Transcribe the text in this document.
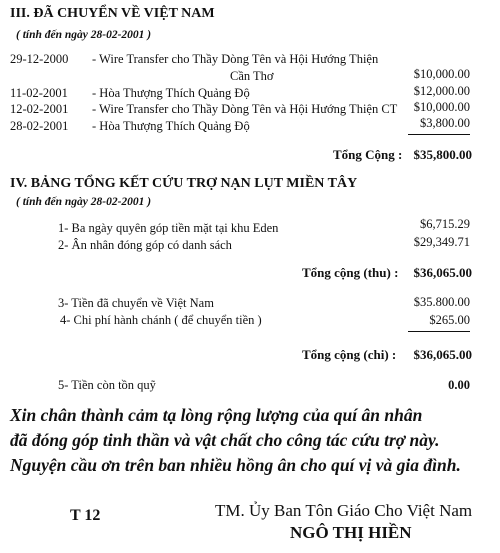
III. ĐÃ CHUYỂN VỀ VIỆT NAM
( tính đến ngày 28-02-2001 )
29-12-2000 - Wire Transfer cho Thầy Dòng Tên và Hội Hướng Thiện
Cần Thơ	$10,000.00
11-02-2001 - Hòa Thượng Thích Quảng Độ	$12,000.00
12-02-2001 - Wire Transfer cho Thầy Dòng Tên và Hội Hướng Thiện CT	$10,000.00
28-02-2001 - Hòa Thượng Thích Quảng Độ	$3,800.00
Tổng Cộng : $35,800.00
IV. BẢNG TỔNG KẾT CỨU TRỢ NẠN LỤT MIỀN TÂY
( tính đến ngày 28-02-2001 )
1- Ba ngày quyên góp tiền mặt tại khu Eden	$6,715.29
2- Ân nhân đóng góp có danh sách	$29,349.71
Tổng cộng (thu) :	$36,065.00
3- Tiền đã chuyển về Việt Nam	$35.800.00
4- Chi phí hành chánh ( để chuyển tiền )	$265.00
Tổng cộng (chi) :	$36,065.00
5- Tiền còn tồn quỹ	0.00
Xin chân thành cảm tạ lòng rộng lượng của quí ân nhân
đã đóng góp tinh thần và vật chất cho công tác cứu trợ này.
Nguyện cầu ơn trên ban nhiều hồng ân cho quí vị và gia đình.
T 12	TM. Ủy Ban Tôn Giáo Cho Việt Nam
NGÔ THỊ HIỀN
